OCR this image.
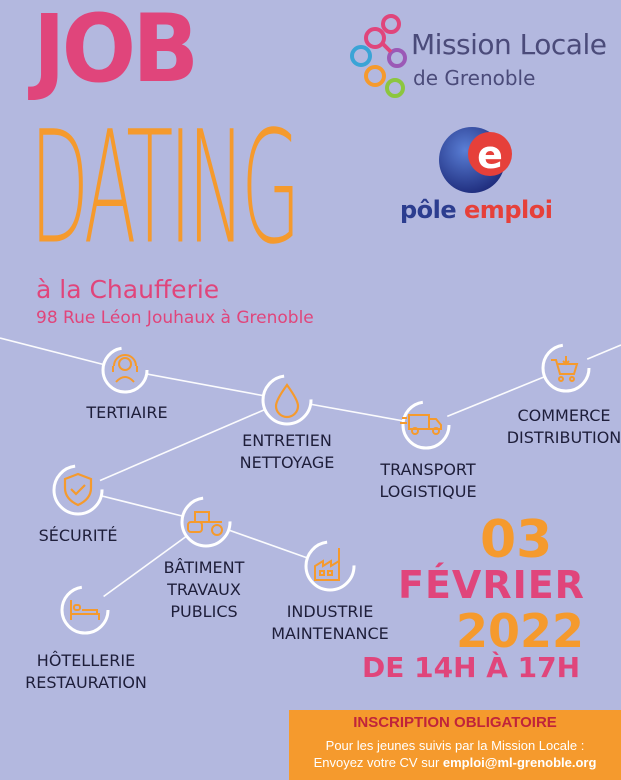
JOB
DATING
à la Chaufferie
98 Rue Léon Jouhaux à Grenoble
Mission Locale
de Grenoble
e
pôle emploi
TERTIAIRE
ENTRETIEN
NETTOYAGE	TRANSPORT
LOGISTIQUE
COMMERCE
DISTRIBUTION
SÉCURITÉ
BÂTIMENT
TRAVAUX
PUBLICS	INDUSTRIE
MAINTENANCE
HÔTELLERIE
RESTAURATION
03
FÉVRIER
2022
DE 14H À 17H
INSCRIPTION OBLIGATOIRE
Pour les jeunes suivis par la Mission Locale :
Envoyez votre CV sur emploi@ml-grenoble.org
